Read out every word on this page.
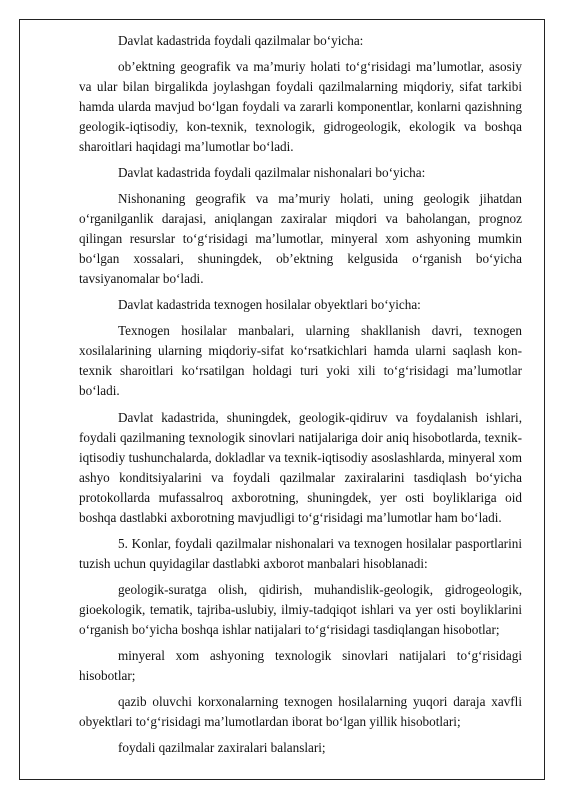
Davlat kadastrida foydali qazilmalar bo‘yicha:

ob’ektning geografik va ma’muriy holati to‘g‘risidagi ma’lumotlar, asosiy va ular bilan birgalikda joylashgan foydali qazilmalarning miqdoriy, sifat tarkibi hamda ularda mavjud bo‘lgan foydali va zararli komponentlar, konlarni qazishning geologik-iqtisodiy, kon-texnik, texnologik, gidrogeologik, ekologik va boshqa sharoitlari haqidagi ma’lumotlar bo‘ladi.

Davlat kadastrida foydali qazilmalar nishonalari bo‘yicha:

Nishonaning geografik va ma’muriy holati, uning geologik jihatdan o‘rganilganlik darajasi, aniqlangan zaxiralar miqdori va baholangan, prognoz qilingan resurslar to‘g‘risidagi ma’lumotlar, minyeral xom ashyoning mumkin bo‘lgan xossalari, shuningdek, ob’ektning kelgusida o‘rganish bo‘yicha tavsiyanomalar bo‘ladi.

Davlat kadastrida texnogen hosilalar obyektlari bo‘yicha:

Texnogen hosilalar manbalari, ularning shakllanish davri, texnogen xosilalarining ularning miqdoriy-sifat ko‘rsatkichlari hamda ularni saqlash kon-texnik sharoitlari ko‘rsatilgan holdagi turi yoki xili to‘g‘risidagi ma’lumotlar bo‘ladi.

Davlat kadastrida, shuningdek, geologik-qidiruv va foydalanish ishlari, foydali qazilmaning texnologik sinovlari natijalariga doir aniq hisobotlarda, texnik-iqtisodiy tushunchalarda, dokladlar va texnik-iqtisodiy asoslashlarda, minyeral xom ashyo konditsiyalarini va foydali qazilmalar zaxiralarini tasdiqlash bo‘yicha protokollarda mufassalroq axborotning, shuningdek, yer osti boyliklariga oid boshqa dastlabki axborotning mavjudligi to‘g‘risidagi ma’lumotlar ham bo‘ladi.

5. Konlar, foydali qazilmalar nishonalari va texnogen hosilalar pasportlarini tuzish uchun quyidagilar dastlabki axborot manbalari hisoblanadi:

geologik-suratga olish, qidirish, muhandislik-geologik, gidrogeologik, gioekologik, tematik, tajriba-uslubiy, ilmiy-tadqiqot ishlari va yer osti boyliklarini o‘rganish bo‘yicha boshqa ishlar natijalari to‘g‘risidagi tasdiqlangan hisobotlar;

minyeral xom ashyoning texnologik sinovlari natijalari to‘g‘risidagi hisobotlar;

qazib oluvchi korxonalarning texnogen hosilalarning yuqori daraja xavfli obyektlari to‘g‘risidagi ma’lumotlardan iborat bo‘lgan yillik hisobotlari;

foydali qazilmalar zaxiralari balanslari;
